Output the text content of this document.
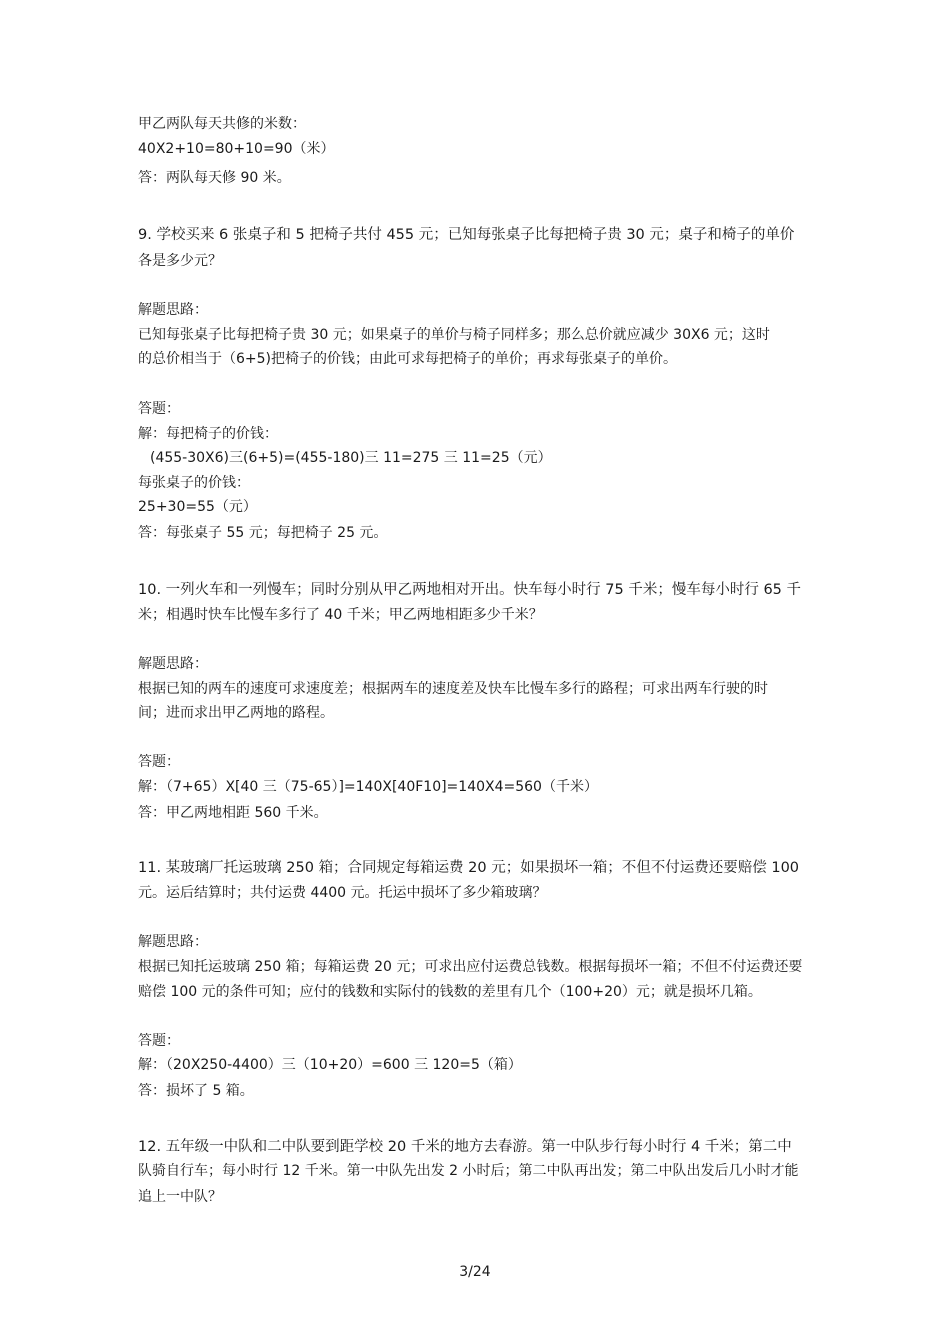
甲乙两队每天共修的米数：
40X2+10=80+10=90（米）
答：两队每天修 90 米。
9. 学校买来 6 张桌子和 5 把椅子共付 455 元；已知每张桌子比每把椅子贵 30 元；桌子和椅子的单价
各是多少元？
解题思路：
已知每张桌子比每把椅子贵 30 元；如果桌子的单价与椅子同样多；那么总价就应减少 30X6 元；这时
的总价相当于（6+5)把椅子的价钱；由此可求每把椅子的单价；再求每张桌子的单价。
答题：
解：每把椅子的价钱：
(455-30X6)三(6+5)=(455-180)三 11=275 三 11=25（元）
每张桌子的价钱：
25+30=55（元）
答：每张桌子 55 元；每把椅子 25 元。
10. 一列火车和一列慢车；同时分别从甲乙两地相对开出。快车每小时行 75 千米；慢车每小时行 65 千
米；相遇时快车比慢车多行了 40 千米；甲乙两地相距多少千米？
解题思路：
根据已知的两车的速度可求速度差；根据两车的速度差及快车比慢车多行的路程；可求出两车行驶的时
间；进而求出甲乙两地的路程。
答题：
解：（7+65）X[40 三（75-65）]=140X[40F10]=140X4=560（千米）
答：甲乙两地相距 560 千米。
11. 某玻璃厂托运玻璃 250 箱；合同规定每箱运费 20 元；如果损坏一箱；不但不付运费还要赔偿 100
元。运后结算时；共付运费 4400 元。托运中损坏了多少箱玻璃？
解题思路：
根据已知托运玻璃 250 箱；每箱运费 20 元；可求出应付运费总钱数。根据每损坏一箱；不但不付运费还要
赔偿 100 元的条件可知；应付的钱数和实际付的钱数的差里有几个（100+20）元；就是损坏几箱。
答题：
解：（20X250-4400）三（10+20）=600 三 120=5（箱）
答：损坏了 5 箱。
12. 五年级一中队和二中队要到距学校 20 千米的地方去春游。第一中队步行每小时行 4 千米；第二中
队骑自行车；每小时行 12 千米。第一中队先出发 2 小时后；第二中队再出发；第二中队出发后几小时才能
追上一中队？
3/24
